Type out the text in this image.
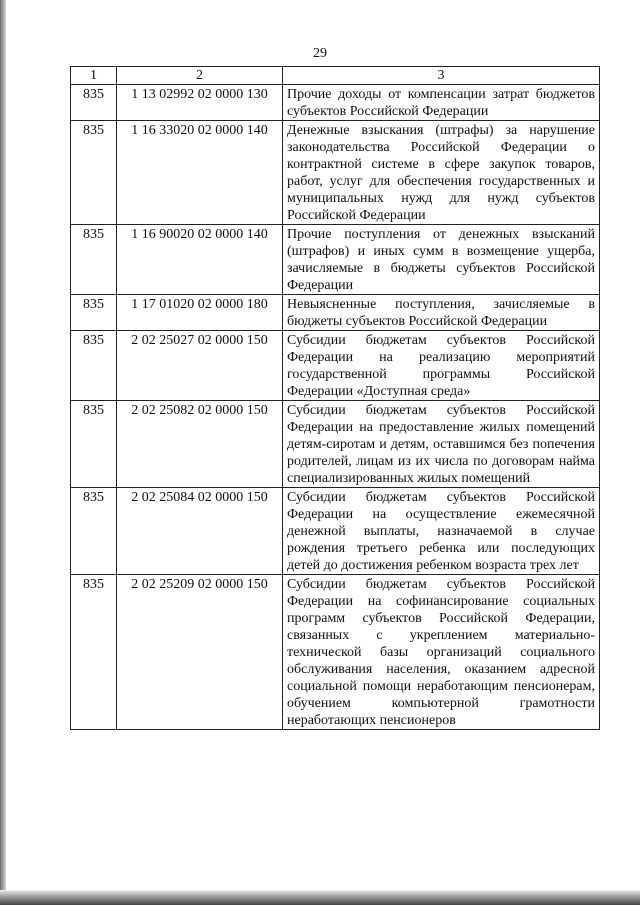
29
1	2	3
835	1 13 02992 02 0000 130	Прочие доходы от компенсации затрат бюджетов субъектов Российской Федерации
835	1 16 33020 02 0000 140	Денежные взыскания (штрафы) за нарушение законодательства Российской Федерации о контрактной системе в сфере закупок товаров, работ, услуг для обеспечения государственных и муниципальных нужд для нужд субъектов Российской Федерации
835	1 16 90020 02 0000 140	Прочие поступления от денежных взысканий (штрафов) и иных сумм в возмещение ущерба, зачисляемые в бюджеты субъектов Российской Федерации
835	1 17 01020 02 0000 180	Невыясненные поступления, зачисляемые в бюджеты субъектов Российской Федерации
835	2 02 25027 02 0000 150	Субсидии бюджетам субъектов Российской Федерации на реализацию мероприятий государственной программы Российской Федерации «Доступная среда»
835	2 02 25082 02 0000 150	Субсидии бюджетам субъектов Российской Федерации на предоставление жилых помещений детям-сиротам и детям, оставшимся без попечения родителей, лицам из их числа по договорам найма специализированных жилых помещений
835	2 02 25084 02 0000 150	Субсидии бюджетам субъектов Российской Федерации на осуществление ежемесячной денежной выплаты, назначаемой в случае рождения третьего ребенка или последующих детей до достижения ребенком возраста трех лет
835	2 02 25209 02 0000 150	Субсидии бюджетам субъектов Российской Федерации на софинансирование социальных программ субъектов Российской Федерации, связанных с укреплением материально-технической базы организаций социального обслуживания населения, оказанием адресной социальной помощи неработающим пенсионерам, обучением компьютерной грамотности неработающих пенсионеров
